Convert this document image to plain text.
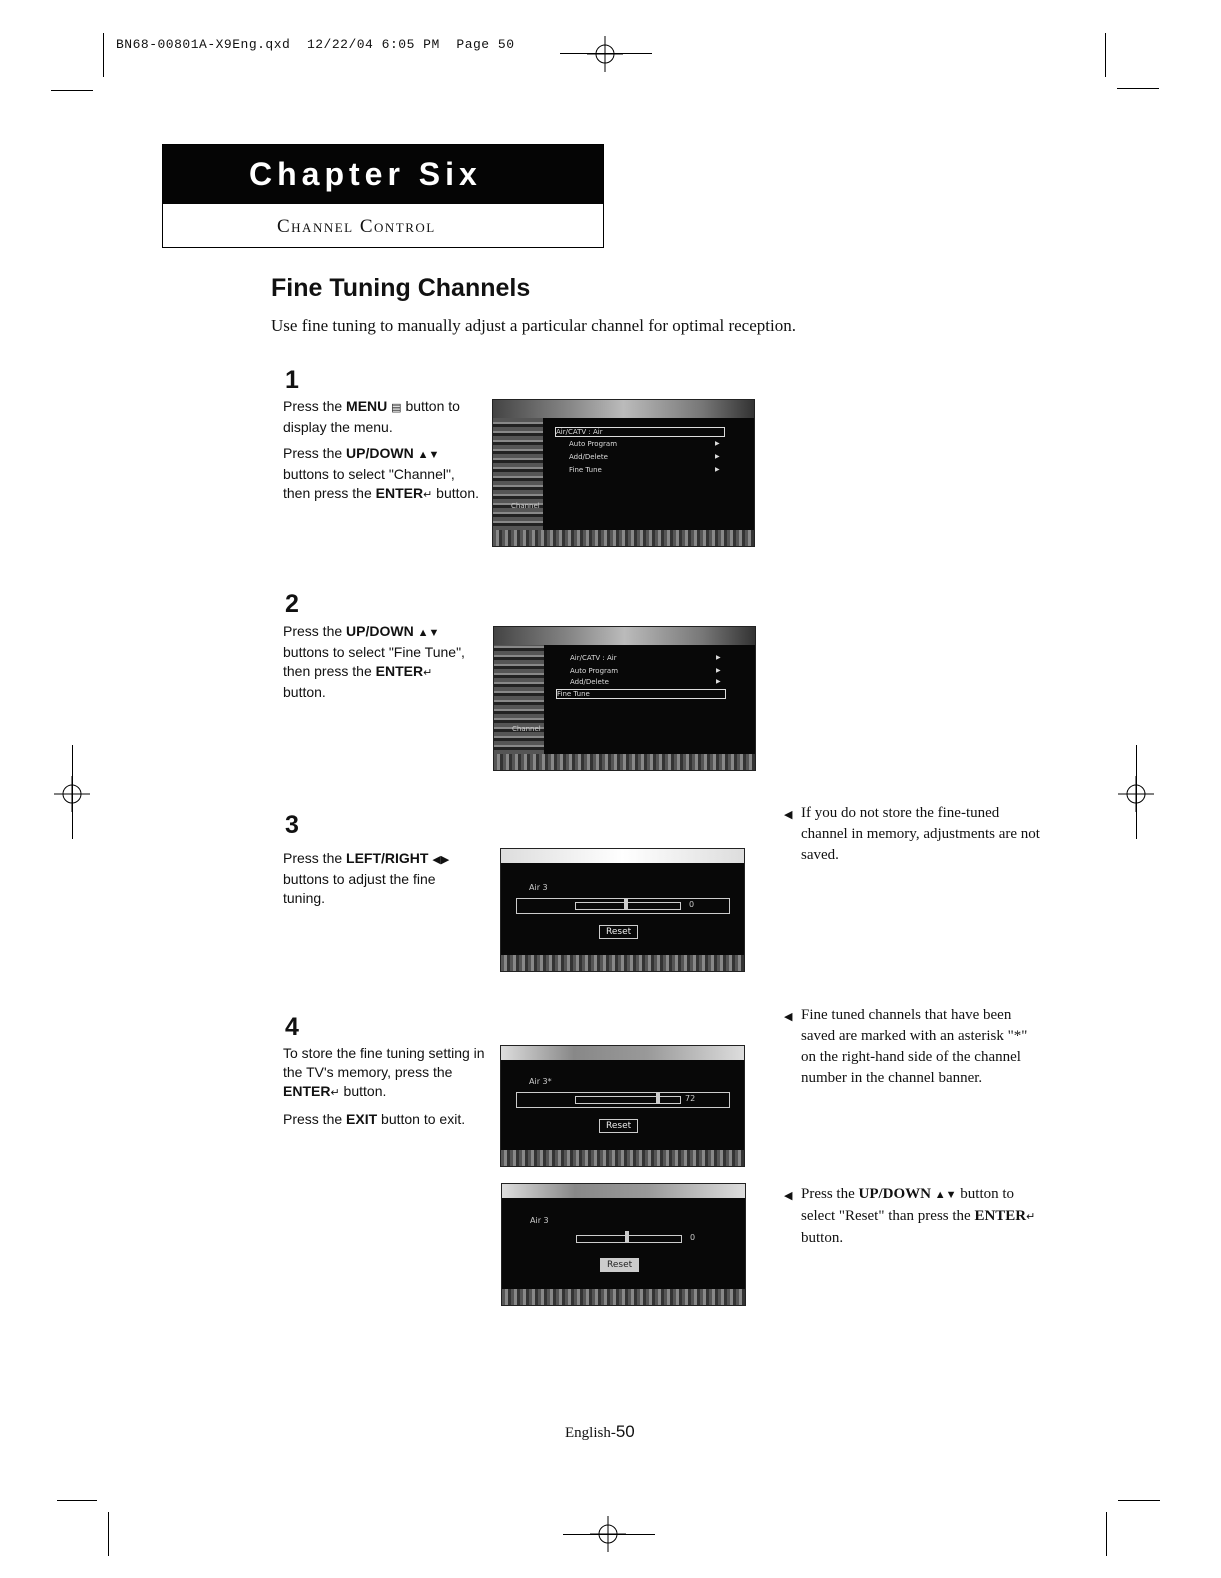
BN68-00801A-X9Eng.qxd 12/22/04 6:05 PM Page 50
Chapter Six
Channel Control
Fine Tuning Channels
Use fine tuning to manually adjust a particular channel for optimal reception.
1

Press the MENU ▤ button to display the menu.

Press the UP/DOWN ▲▼ buttons to select "Channel", then press the ENTER↵ button.

Air/CATV : Air
Auto Program
Add/Delete
Fine Tune
▶
▶
▶
Channel
2

Press the UP/DOWN ▲▼ buttons to select "Fine Tune", then press the ENTER↵ button.

Air/CATV : Air
Auto Program
Add/Delete
Fine Tune
▶
▶
▶
Channel
3

Press the LEFT/RIGHT ◀▶ buttons to adjust the fine tuning.

Air 3
0
Reset
◀ If you do not store the fine-tuned channel in memory, adjustments are not saved.
4

To store the fine tuning setting in the TV's memory, press the ENTER↵ button.

Press the EXIT button to exit.

Air 3*
72
Reset
◀ Fine tuned channels that have been saved are marked with an asterisk "*" on the right-hand side of the channel number in the channel banner.
Air 3
0
Reset
◀ Press the UP/DOWN ▲▼ button to select "Reset" than press the ENTER↵ button.
English-50
